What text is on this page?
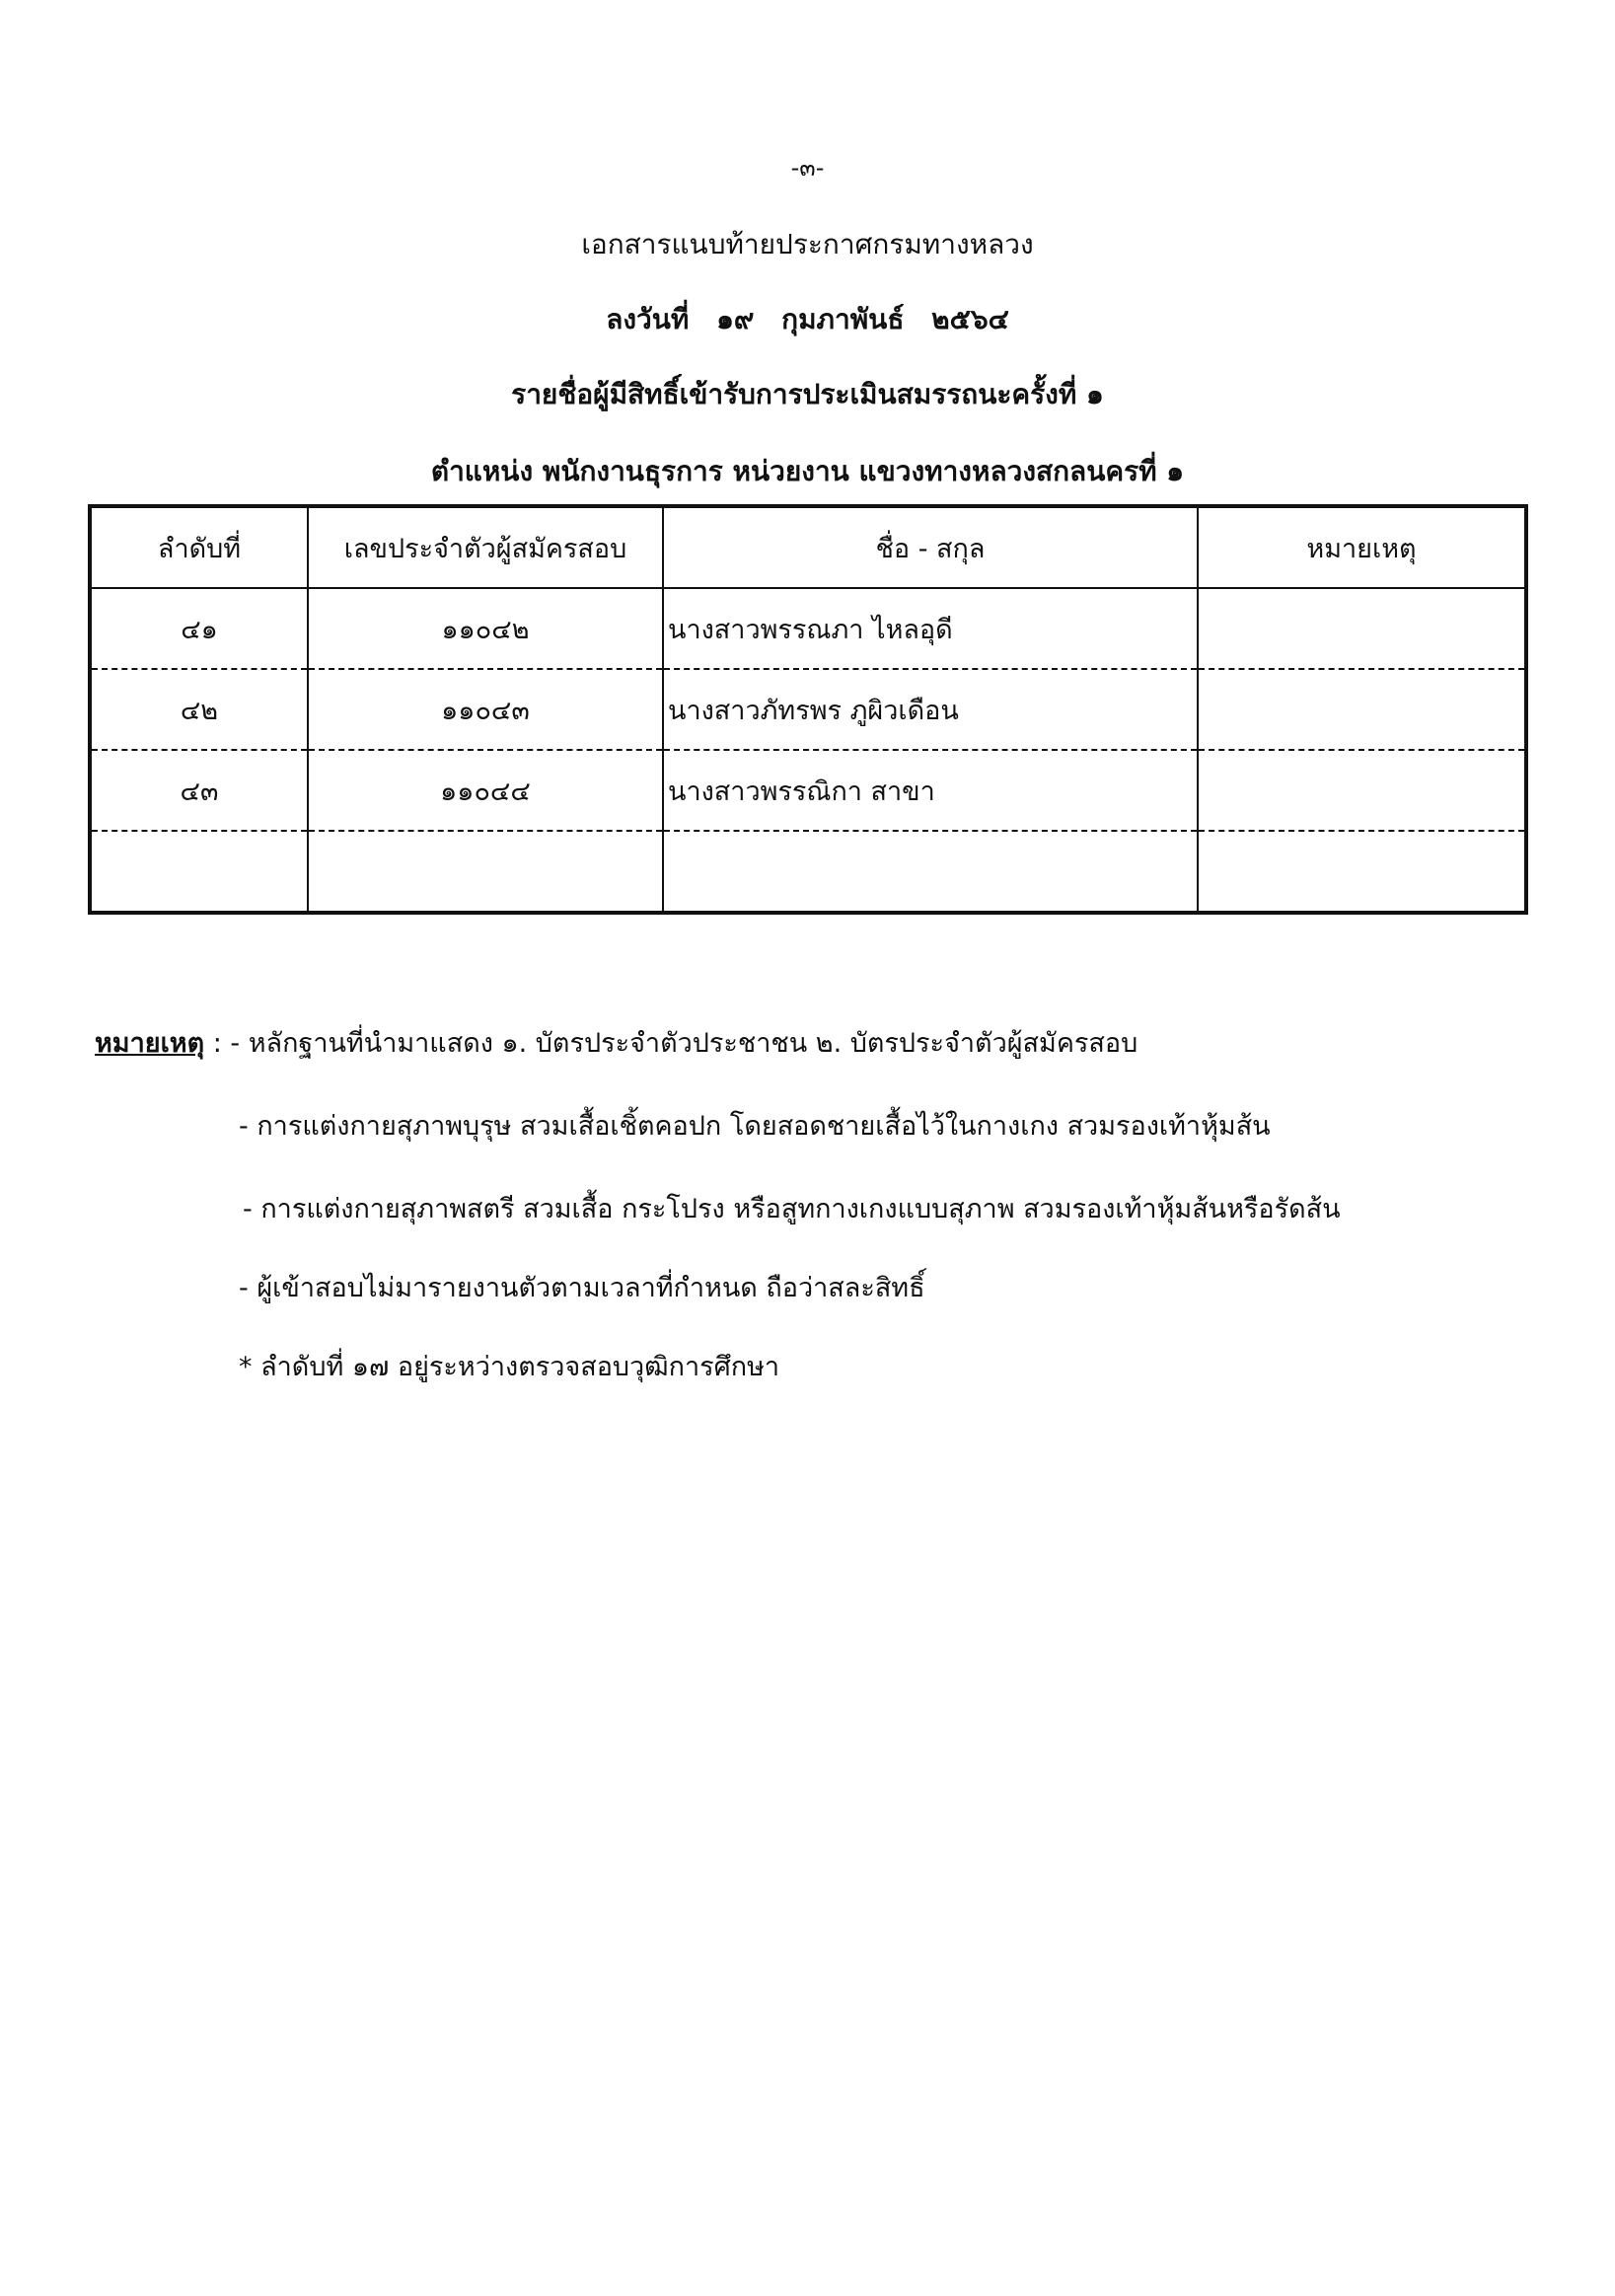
-๓-
เอกสารแนบท้ายประกาศกรมทางหลวง
ลงวันที่ ๑๙ กุมภาพันธ์ ๒๕๖๔
รายชื่อผู้มีสิทธิ์เข้ารับการประเมินสมรรถนะครั้งที่ ๑
ตำแหน่ง พนักงานธุรการ หน่วยงาน แขวงทางหลวงสกลนครที่ ๑
ลำดับที่	เลขประจำตัวผู้สมัครสอบ	ชื่อ - สกุล	หมายเหตุ
๔๑	๑๑๐๔๒	นางสาวพรรณภา ไหลอุดี	
๔๒	๑๑๐๔๓	นางสาวภัทรพร ภูผิวเดือน	
๔๓	๑๑๐๔๔	นางสาวพรรณิกา สาขา	

หมายเหตุ : - หลักฐานที่นำมาแสดง ๑. บัตรประจำตัวประชาชน ๒. บัตรประจำตัวผู้สมัครสอบ
- การแต่งกายสุภาพบุรุษ สวมเสื้อเชิ้ตคอปก โดยสอดชายเสื้อไว้ในกางเกง สวมรองเท้าหุ้มส้น
- การแต่งกายสุภาพสตรี สวมเสื้อ กระโปรง หรือสูทกางเกงแบบสุภาพ สวมรองเท้าหุ้มส้นหรือรัดส้น
- ผู้เข้าสอบไม่มารายงานตัวตามเวลาที่กำหนด ถือว่าสละสิทธิ์
* ลำดับที่ ๑๗ อยู่ระหว่างตรวจสอบวุฒิการศึกษา
